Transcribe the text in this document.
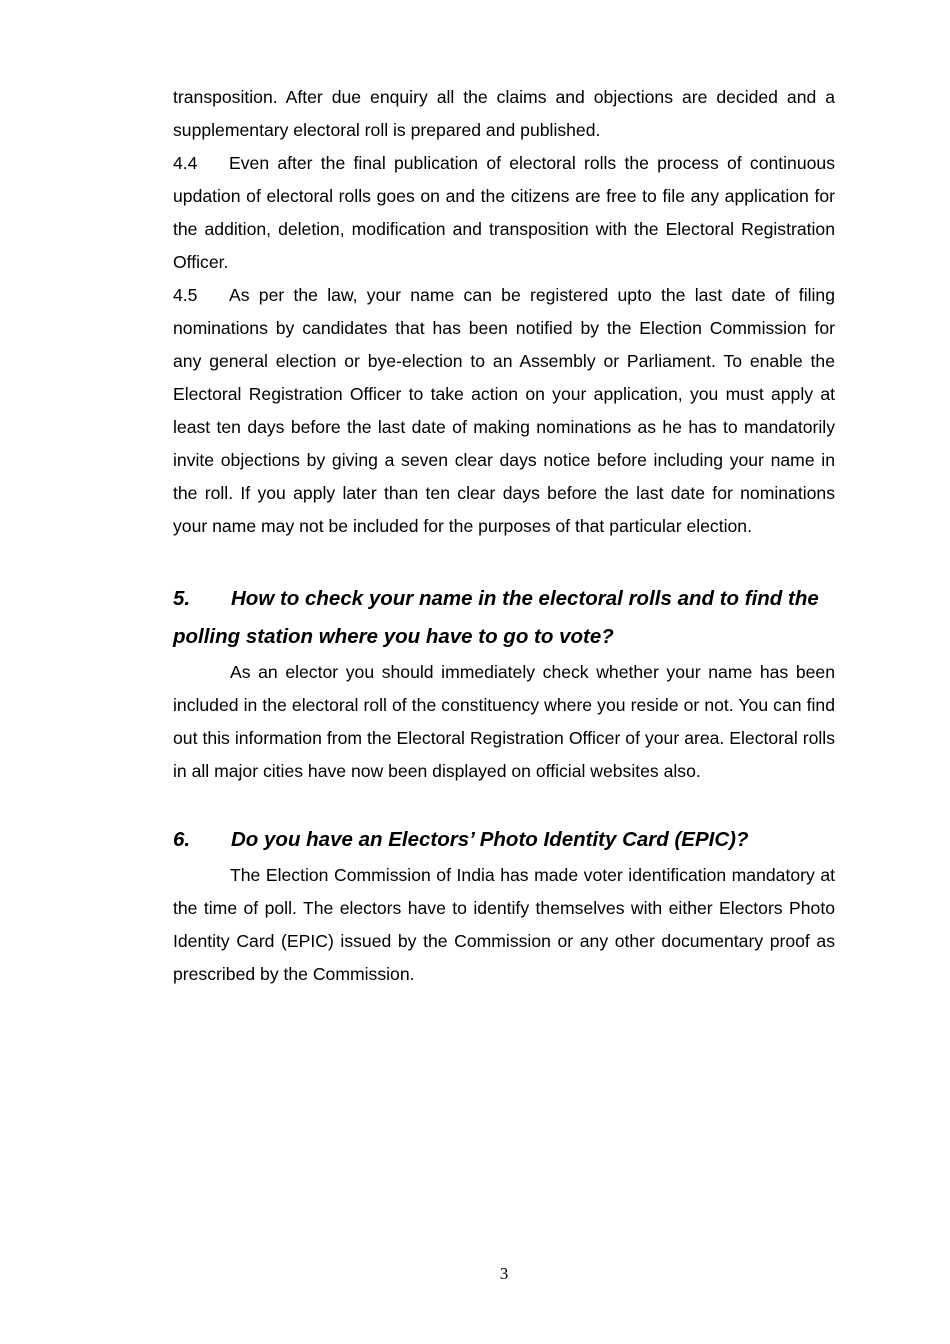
transposition. After due enquiry all the claims and objections are decided and a supplementary electoral roll is prepared and published.

4.4 Even after the final publication of electoral rolls the process of continuous updation of electoral rolls goes on and the citizens are free to file any application for the addition, deletion, modification and transposition with the Electoral Registration Officer.

4.5 As per the law, your name can be registered upto the last date of filing nominations by candidates that has been notified by the Election Commission for any general election or bye-election to an Assembly or Parliament. To enable the Electoral Registration Officer to take action on your application, you must apply at least ten days before the last date of making nominations as he has to mandatorily invite objections by giving a seven clear days notice before including your name in the roll. If you apply later than ten clear days before the last date for nominations your name may not be included for the purposes of that particular election.

5. How to check your name in the electoral rolls and to find the polling station where you have to go to vote?

As an elector you should immediately check whether your name has been included in the electoral roll of the constituency where you reside or not. You can find out this information from the Electoral Registration Officer of your area. Electoral rolls in all major cities have now been displayed on official websites also.

6. Do you have an Electors’ Photo Identity Card (EPIC)?

The Election Commission of India has made voter identification mandatory at the time of poll. The electors have to identify themselves with either Electors Photo Identity Card (EPIC) issued by the Commission or any other documentary proof as prescribed by the Commission.

3
